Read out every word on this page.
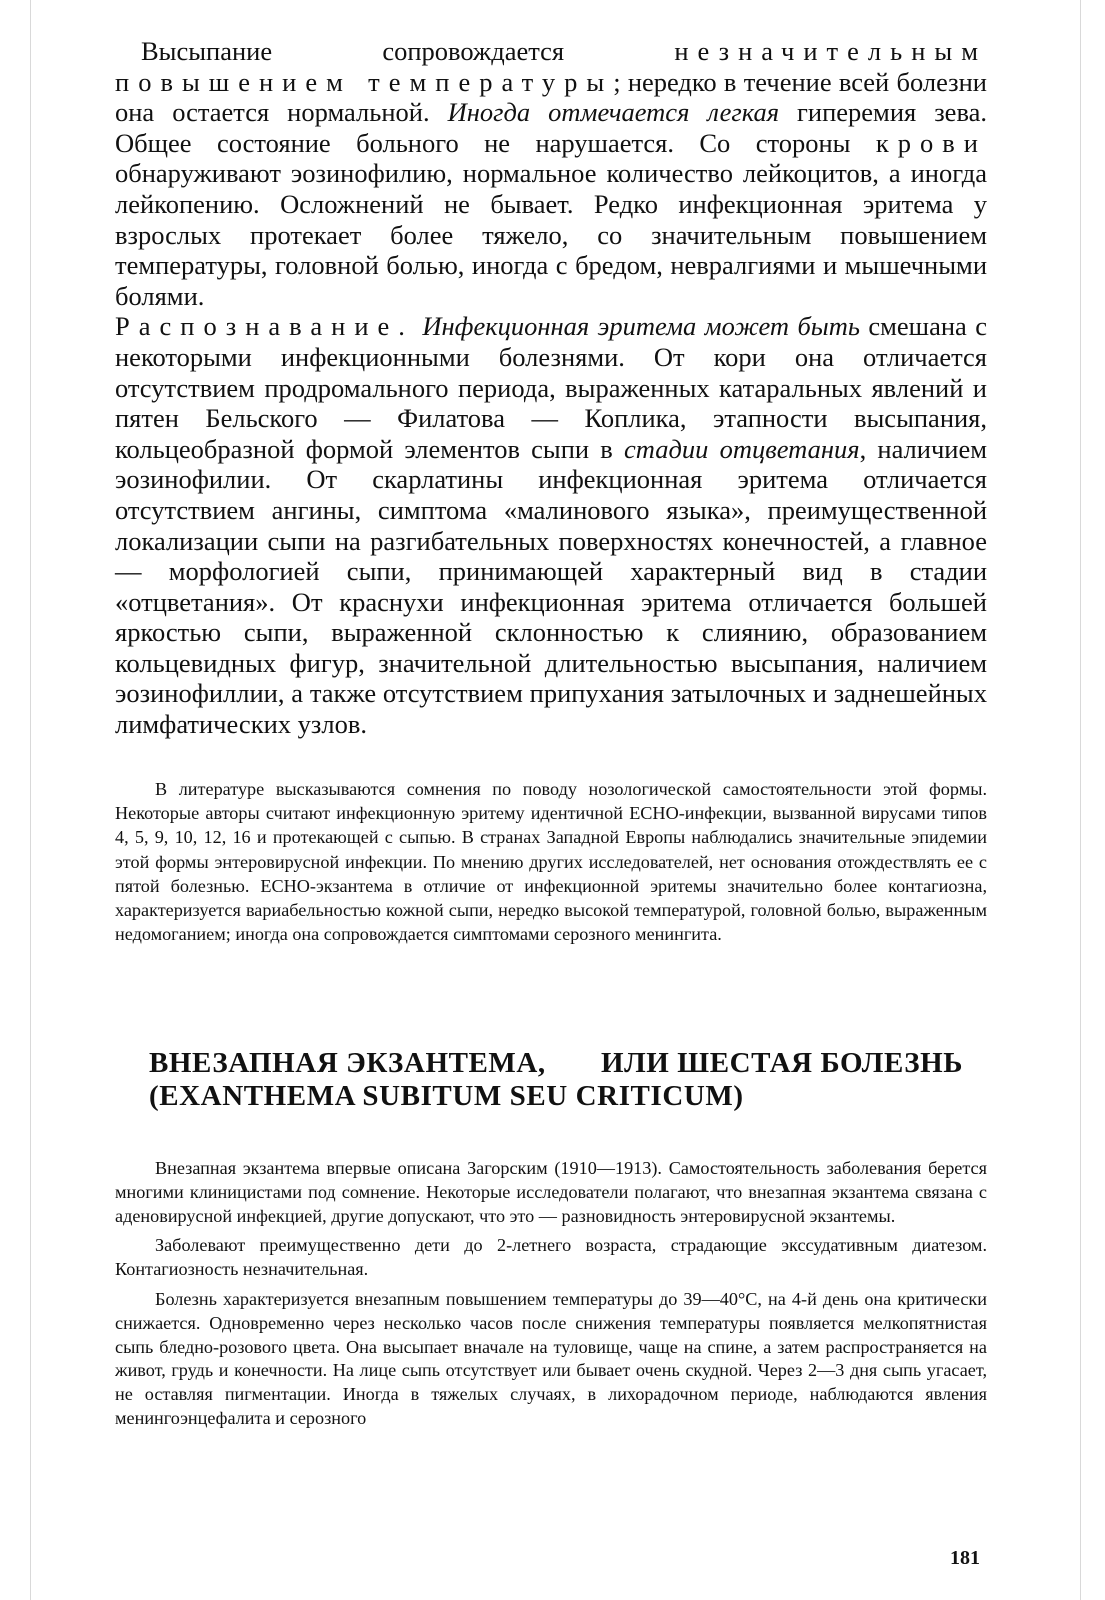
Высыпание сопровождается незначительным повышением температуры; нередко в течение всей болезни она остается нормальной. Иногда отмечается легкая гиперемия зева. Общее состояние больного не нарушается. Со стороны крови обнаруживают эозинофилию, нормальное количество лейкоцитов, а иногда лейкопению. Осложнений не бывает. Редко инфекционная эритема у взрослых протекает более тяжело, со значительным повышением температуры, головной болью, иногда с бредом, невралгиями и мышечными болями.

Распознавание. Инфекционная эритема может быть смешана с некоторыми инфекционными болезнями. От кори она отличается отсутствием продромального периода, выраженных катаральных явлений и пятен Бельского — Филатова — Коплика, этапности высыпания, кольцеобразной формой элементов сыпи в стадии отцветания, наличием эозинофилии. От скарлатины инфекционная эритема отличается отсутствием ангины, симптома «малинового языка», преимущественной локализации сыпи на разгибательных поверхностях конечностей, а главное — морфологией сыпи, принимающей характерный вид в стадии «отцветания». От краснухи инфекционная эритема отличается большей яркостью сыпи, выраженной склонностью к слиянию, образованием кольцевидных фигур, значительной длительностью высыпания, наличием эозинофиллии, а также отсутствием припухания затылочных и заднешейных лимфатических узлов.

В литературе высказываются сомнения по поводу нозологической самостоятельности этой формы. Некоторые авторы считают инфекционную эритему идентичной ECHO-инфекции, вызванной вирусами типов 4, 5, 9, 10, 12, 16 и протекающей с сыпью. В странах Западной Европы наблюдались значительные эпидемии этой формы энтеровирусной инфекции. По мнению других исследователей, нет основания отождествлять ее с пятой болезнью. ECHO-экзантема в отличие от инфекционной эритемы значительно более контагиозна, характеризуется вариабельностью кожной сыпи, нередко высокой температурой, головной болью, выраженным недомоганием; иногда она сопровождается симптомами серозного менингита.

ВНЕЗАПНАЯ ЭКЗАНТЕМА, ИЛИ ШЕСТАЯ БОЛЕЗНЬ
(EXANTHEMA SUBITUM SEU CRITICUM)

Внезапная экзантема впервые описана Загорским (1910—1913). Самостоятельность заболевания берется многими клиницистами под сомнение. Некоторые исследователи полагают, что внезапная экзантема связана с аденовирусной инфекцией, другие допускают, что это — разновидность энтеровирусной экзантемы.

Заболевают преимущественно дети до 2-летнего возраста, страдающие экссудативным диатезом. Контагиозность незначительная.

Болезнь характеризуется внезапным повышением температуры до 39—40°С, на 4-й день она критически снижается. Одновременно через несколько часов после снижения температуры появляется мелкопятнистая сыпь бледно-розового цвета. Она высыпает вначале на туловище, чаще на спине, а затем распространяется на живот, грудь и конечности. На лице сыпь отсутствует или бывает очень скудной. Через 2—3 дня сыпь угасает, не оставляя пигментации. Иногда в тяжелых случаях, в лихорадочном периоде, наблюдаются явления менингоэнцефалита и серозного

181
